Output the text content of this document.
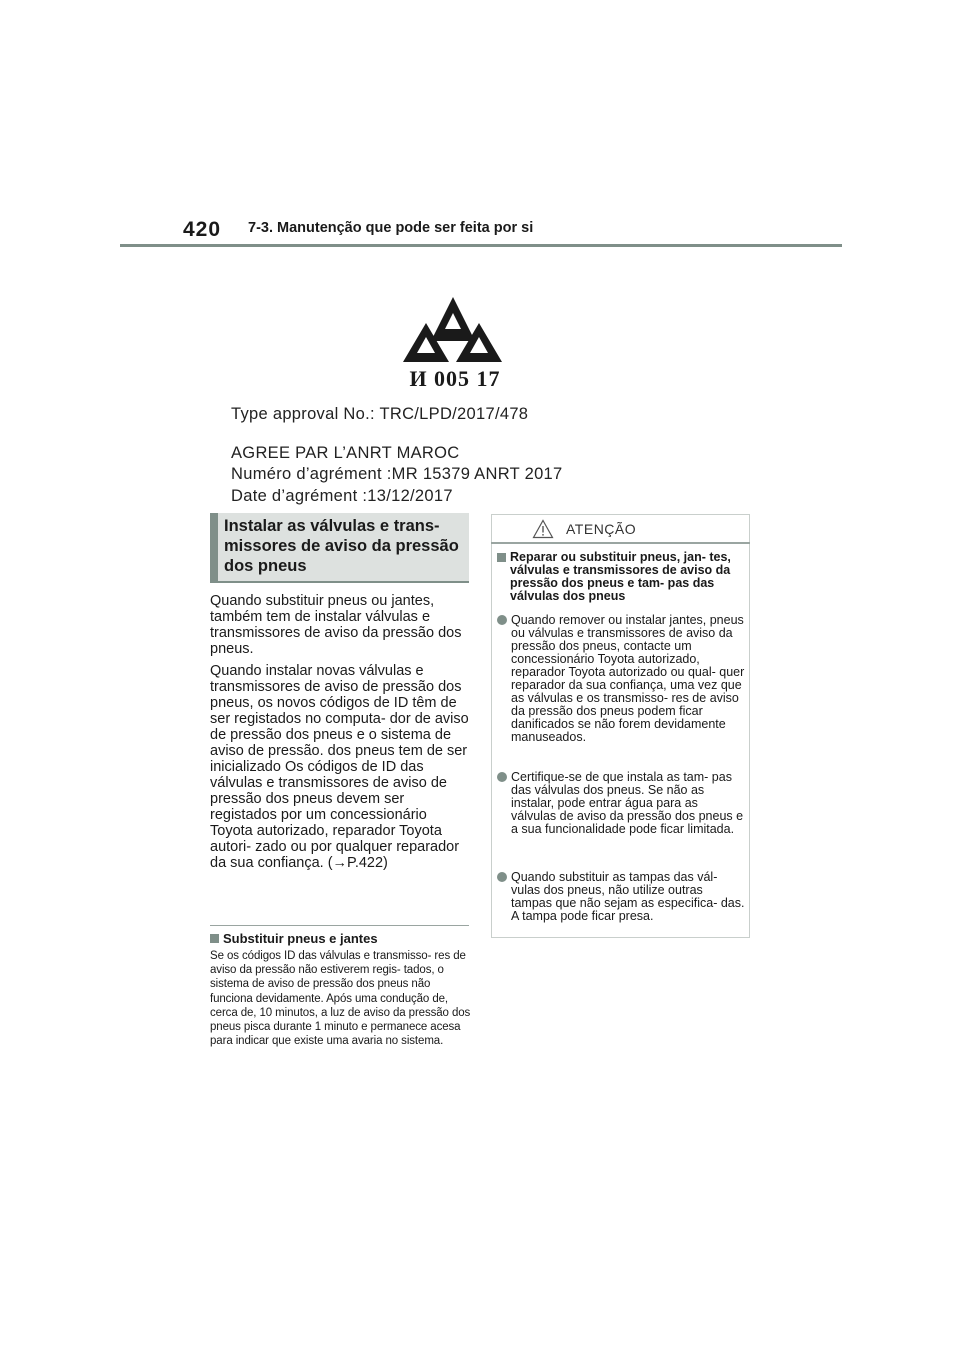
420 7-3. Manutenção que pode ser feita por si
И 005 17
Type approval No.: TRC/LPD/2017/478
AGREE PAR L’ANRT MAROC
Numéro d’agrément :MR 15379 ANRT 2017
Date d’agrément :13/12/2017
Instalar as válvulas e trans-
missores de aviso da pressão
dos pneus

Quando substituir pneus ou jantes, também tem de instalar válvulas e transmissores de aviso da pressão dos pneus.

Quando instalar novas válvulas e transmissores de aviso de pressão dos pneus, os novos códigos de ID têm de ser registados no computa- dor de aviso de pressão dos pneus e o sistema de aviso de pressão. dos pneus tem de ser inicializado Os códigos de ID das válvulas e transmissores de aviso de pressão dos pneus devem ser registados por um concessionário Toyota autorizado, reparador Toyota autori- zado ou por qualquer reparador da sua confiança. (→P.422)

Substituir pneus e jantes
Se os códigos ID das válvulas e transmisso- res de aviso da pressão não estiverem regis- tados, o sistema de aviso de pressão dos pneus não funciona devidamente. Após uma condução de, cerca de, 10 minutos, a luz de aviso da pressão dos pneus pisca durante 1 minuto e permanece acesa para indicar que existe uma avaria no sistema.
ATENÇÃO
Reparar ou substituir pneus, jan- tes, válvulas e transmissores de aviso da pressão dos pneus e tam- pas das válvulas dos pneus
Quando remover ou instalar jantes, pneus ou válvulas e transmissores de aviso da pressão dos pneus, contacte um concessionário Toyota autorizado, reparador Toyota autorizado ou qual- quer reparador da sua confiança, uma vez que as válvulas e os transmisso- res de aviso da pressão dos pneus podem ficar danificados se não forem devidamente manuseados.
Certifique-se de que instala as tam- pas das válvulas dos pneus. Se não as instalar, pode entrar água para as válvulas de aviso da pressão dos pneus e a sua funcionalidade pode ficar limitada.
Quando substituir as tampas das vál- vulas dos pneus, não utilize outras tampas que não sejam as especifica- das. A tampa pode ficar presa.
